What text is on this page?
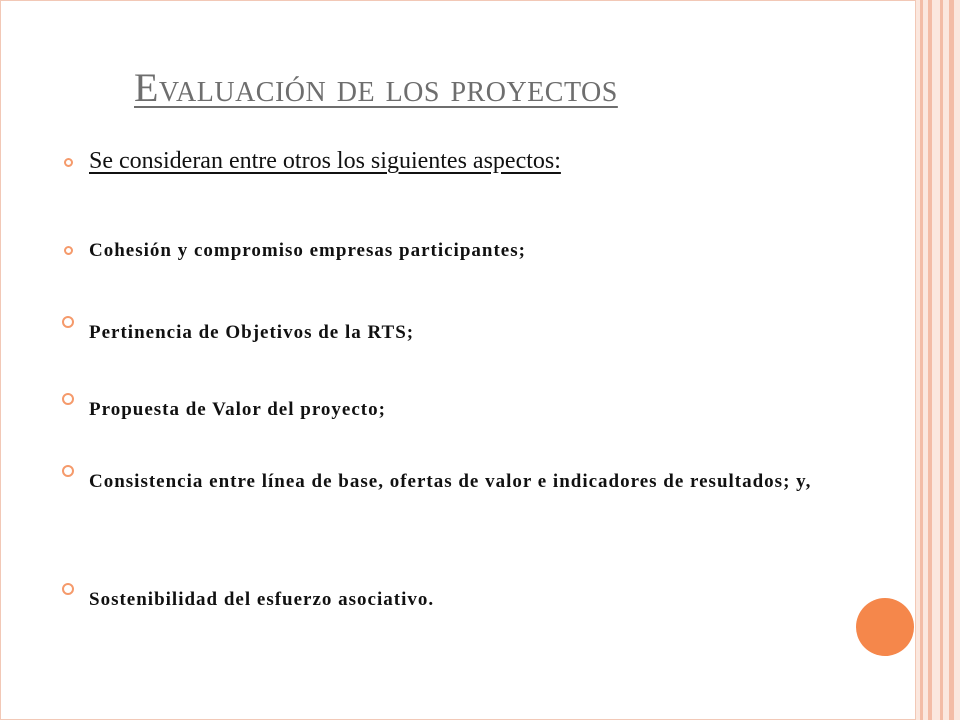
Evaluación de los proyectos
Se consideran entre otros los siguientes aspectos:
Cohesión y compromiso empresas participantes;
Pertinencia de Objetivos de la RTS;
Propuesta de Valor del proyecto;
Consistencia entre línea de base, ofertas de valor e indicadores de resultados; y,
Sostenibilidad del esfuerzo asociativo.
